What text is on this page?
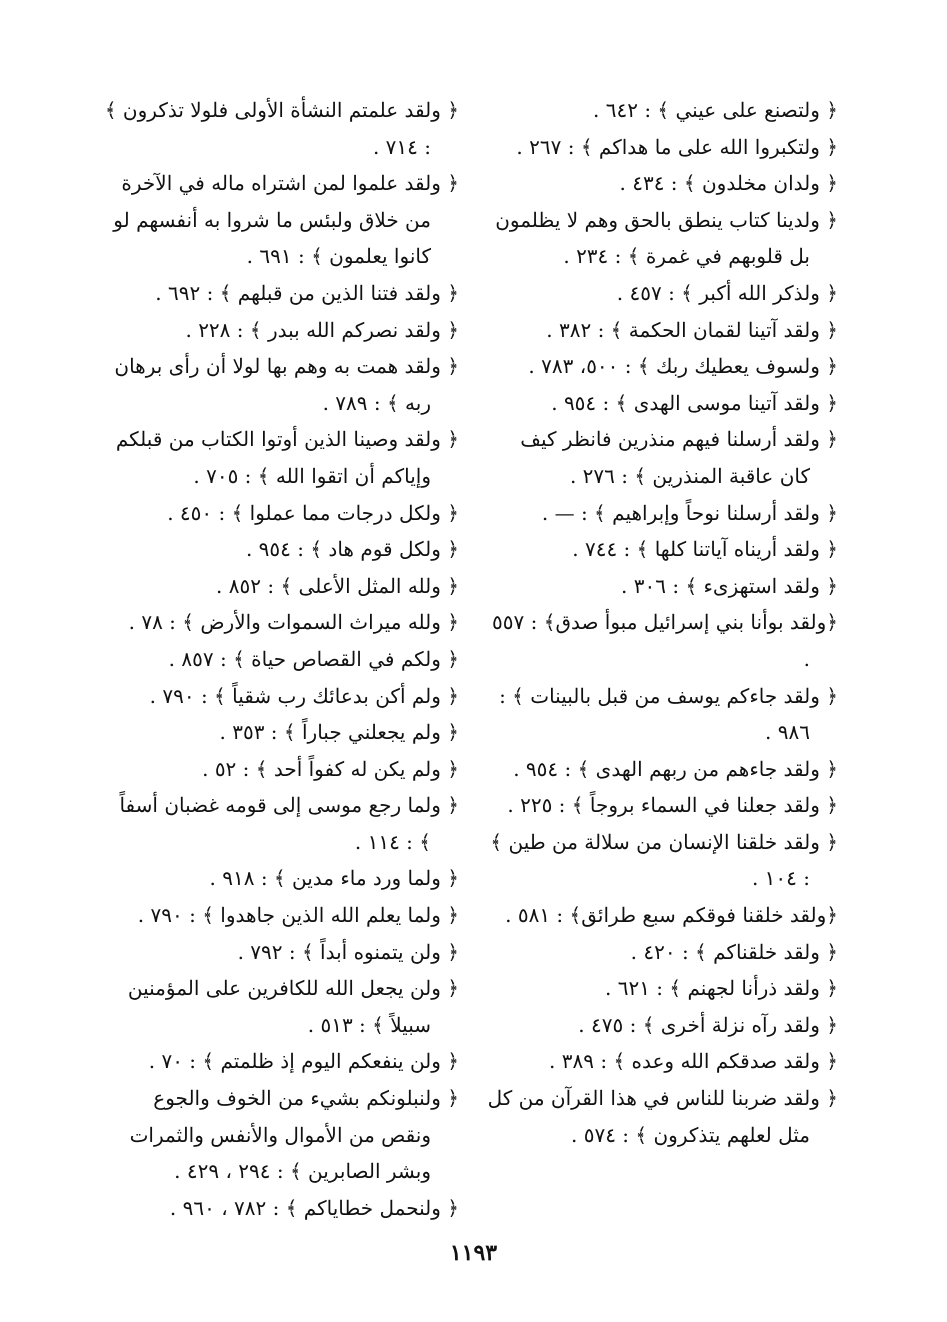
﴿ ولتصنع على عيني ﴾ : ٦٤٢ .

﴿ ولتكبروا الله على ما هداكم ﴾ : ٢٦٧ .

﴿ ولدان مخلدون ﴾ : ٤٣٤ .

﴿ ولدينا كتاب ينطق بالحق وهم لا يظلمون بل قلوبهم في غمرة ﴾ : ٢٣٤ .

﴿ ولذكر الله أكبر ﴾ : ٤٥٧ .

﴿ ولقد آتينا لقمان الحكمة ﴾ : ٣٨٢ .

﴿ ولسوف يعطيك ربك ﴾ : ٥٠٠، ٧٨٣ .

﴿ ولقد آتينا موسى الهدى ﴾ : ٩٥٤ .

﴿ ولقد أرسلنا فيهم منذرين فانظر كيف كان عاقبة المنذرين ﴾ : ٢٧٦ .

﴿ ولقد أرسلنا نوحاً وإبراهيم ﴾ : — .

﴿ ولقد أريناه آياتنا كلها ﴾ : ٧٤٤ .

﴿ ولقد استهزىء ﴾ : ٣٠٦ .

﴿ولقد بوأنا بني إسرائيل مبوأ صدق﴾ : ٥٥٧ .

﴿ ولقد جاءكم يوسف من قبل بالبينات ﴾ : ٩٨٦ .

﴿ ولقد جاءهم من ربهم الهدى ﴾ : ٩٥٤ .

﴿ ولقد جعلنا في السماء بروجاً ﴾ : ٢٢٥ .

﴿ ولقد خلقنا الإنسان من سلالة من طين ﴾ : ١٠٤ .

﴿ولقد خلقنا فوقكم سبع طرائق﴾ : ٥٨١ .

﴿ ولقد خلقناكم ﴾ : ٤٢٠ .

﴿ ولقد ذرأنا لجهنم ﴾ : ٦٢١ .

﴿ ولقد رآه نزلة أخرى ﴾ : ٤٧٥ .

﴿ ولقد صدقكم الله وعده ﴾ : ٣٨٩ .

﴿ ولقد ضربنا للناس في هذا القرآن من كل مثل لعلهم يتذكرون ﴾ : ٥٧٤ .

﴿ ولقد علمتم النشأة الأولى فلولا تذكرون ﴾ : ٧١٤ .

﴿ ولقد علموا لمن اشتراه ماله في الآخرة من خلاق ولبئس ما شروا به أنفسهم لو كانوا يعلمون ﴾ : ٦٩١ .

﴿ ولقد فتنا الذين من قبلهم ﴾ : ٦٩٢ .

﴿ ولقد نصركم الله ببدر ﴾ : ٢٢٨ .

﴿ ولقد همت به وهم بها لولا أن رأى برهان ربه ﴾ : ٧٨٩ .

﴿ ولقد وصينا الذين أوتوا الكتاب من قبلكم وإياكم أن اتقوا الله ﴾ : ٧٠٥ .

﴿ ولكل درجات مما عملوا ﴾ : ٤٥٠ .

﴿ ولكل قوم هاد ﴾ : ٩٥٤ .

﴿ ولله المثل الأعلى ﴾ : ٨٥٢ .

﴿ ولله ميراث السموات والأرض ﴾ : ٧٨ .

﴿ ولكم في القصاص حياة ﴾ : ٨٥٧ .

﴿ ولم أكن بدعائك رب شقياً ﴾ : ٧٩٠ .

﴿ ولم يجعلني جباراً ﴾ : ٣٥٣ .

﴿ ولم يكن له كفواً أحد ﴾ : ٥٢ .

﴿ ولما رجع موسى إلى قومه غضبان أسفاً ﴾ : ١١٤ .

﴿ ولما ورد ماء مدين ﴾ : ٩١٨ .

﴿ ولما يعلم الله الذين جاهدوا ﴾ : ٧٩٠ .

﴿ ولن يتمنوه أبداً ﴾ : ٧٩٢ .

﴿ ولن يجعل الله للكافرين على المؤمنين سبيلاً ﴾ : ٥١٣ .

﴿ ولن ينفعكم اليوم إذ ظلمتم ﴾ : ٧٠ .

﴿ ولنبلونكم بشيء من الخوف والجوع ونقص من الأموال والأنفس والثمرات وبشر الصابرين ﴾ : ٢٩٤ ، ٤٢٩ .

﴿ ولنحمل خطاياكم ﴾ : ٧٨٢ ، ٩٦٠ .

١١٩٣
